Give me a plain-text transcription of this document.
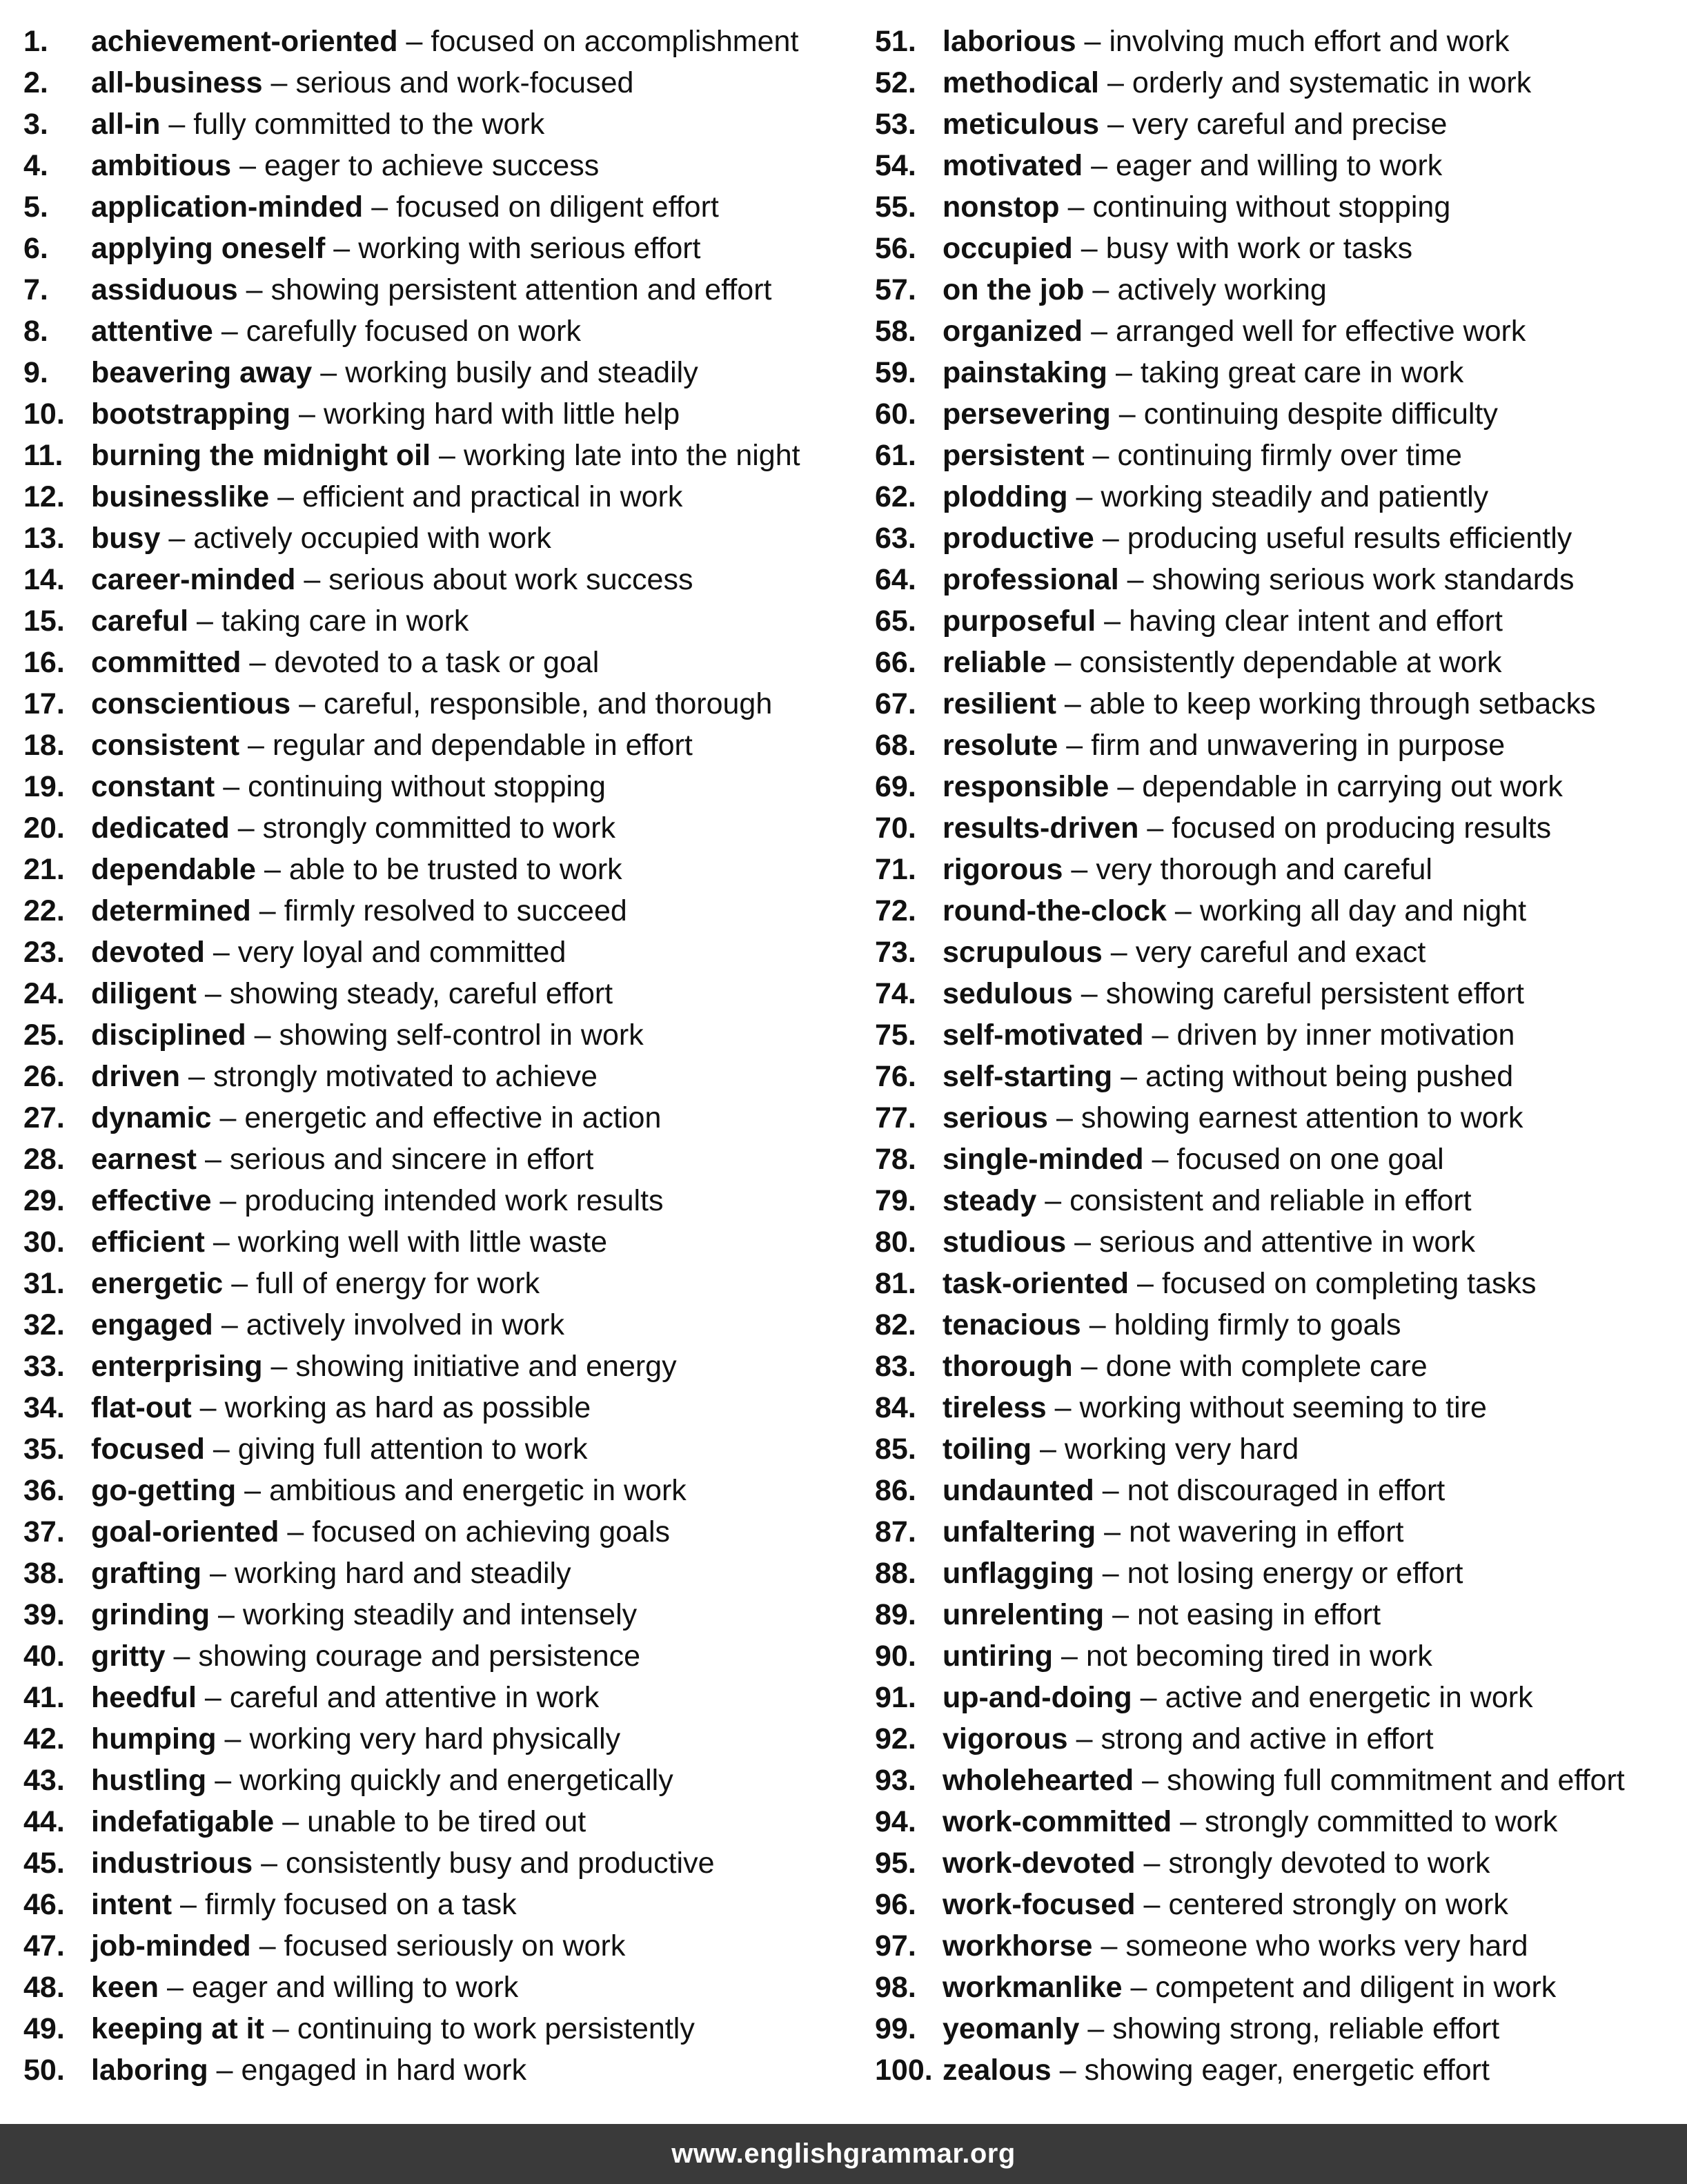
1.	achievement-oriented – focused on accomplishment
2.	all-business – serious and work-focused
3.	all-in – fully committed to the work
4.	ambitious – eager to achieve success
5.	application-minded – focused on diligent effort
6.	applying oneself – working with serious effort
7.	assiduous – showing persistent attention and effort
8.	attentive – carefully focused on work
9.	beavering away – working busily and steadily
10. bootstrapping – working hard with little help
11. burning the midnight oil – working late into the night
12. businesslike – efficient and practical in work
13. busy – actively occupied with work
14. career-minded – serious about work success
15. careful – taking care in work
16. committed – devoted to a task or goal
17. conscientious – careful, responsible, and thorough
18. consistent – regular and dependable in effort
19. constant – continuing without stopping
20. dedicated – strongly committed to work
21. dependable – able to be trusted to work
22. determined – firmly resolved to succeed
23. devoted – very loyal and committed
24. diligent – showing steady, careful effort
25. disciplined – showing self-control in work
26. driven – strongly motivated to achieve
27. dynamic – energetic and effective in action
28. earnest – serious and sincere in effort
29. effective – producing intended work results
30. efficient – working well with little waste
31. energetic – full of energy for work
32. engaged – actively involved in work
33. enterprising – showing initiative and energy
34. flat-out – working as hard as possible
35. focused – giving full attention to work
36. go-getting – ambitious and energetic in work
37. goal-oriented – focused on achieving goals
38. grafting – working hard and steadily
39. grinding – working steadily and intensely
40. gritty – showing courage and persistence
41. heedful – careful and attentive in work
42. humping – working very hard physically
43. hustling – working quickly and energetically
44. indefatigable – unable to be tired out
45. industrious – consistently busy and productive
46. intent – firmly focused on a task
47. job-minded – focused seriously on work
48. keen – eager and willing to work
49. keeping at it – continuing to work persistently
50. laboring – engaged in hard work
51. laborious – involving much effort and work
52. methodical – orderly and systematic in work
53. meticulous – very careful and precise
54. motivated – eager and willing to work
55. nonstop – continuing without stopping
56. occupied – busy with work or tasks
57. on the job – actively working
58. organized – arranged well for effective work
59. painstaking – taking great care in work
60. persevering – continuing despite difficulty
61. persistent – continuing firmly over time
62. plodding – working steadily and patiently
63. productive – producing useful results efficiently
64. professional – showing serious work standards
65. purposeful – having clear intent and effort
66. reliable – consistently dependable at work
67. resilient – able to keep working through setbacks
68. resolute – firm and unwavering in purpose
69. responsible – dependable in carrying out work
70. results-driven – focused on producing results
71. rigorous – very thorough and careful
72. round-the-clock – working all day and night
73. scrupulous – very careful and exact
74. sedulous – showing careful persistent effort
75. self-motivated – driven by inner motivation
76. self-starting – acting without being pushed
77. serious – showing earnest attention to work
78. single-minded – focused on one goal
79. steady – consistent and reliable in effort
80. studious – serious and attentive in work
81. task-oriented – focused on completing tasks
82. tenacious – holding firmly to goals
83. thorough – done with complete care
84. tireless – working without seeming to tire
85. toiling – working very hard
86. undaunted – not discouraged in effort
87. unfaltering – not wavering in effort
88. unflagging – not losing energy or effort
89. unrelenting – not easing in effort
90. untiring – not becoming tired in work
91. up-and-doing – active and energetic in work
92. vigorous – strong and active in effort
93. wholehearted – showing full commitment and effort
94. work-committed – strongly committed to work
95. work-devoted – strongly devoted to work
96. work-focused – centered strongly on work
97. workhorse – someone who works very hard
98. workmanlike – competent and diligent in work
99. yeomanly – showing strong, reliable effort
100. zealous – showing eager, energetic effort
www.englishgrammar.org
